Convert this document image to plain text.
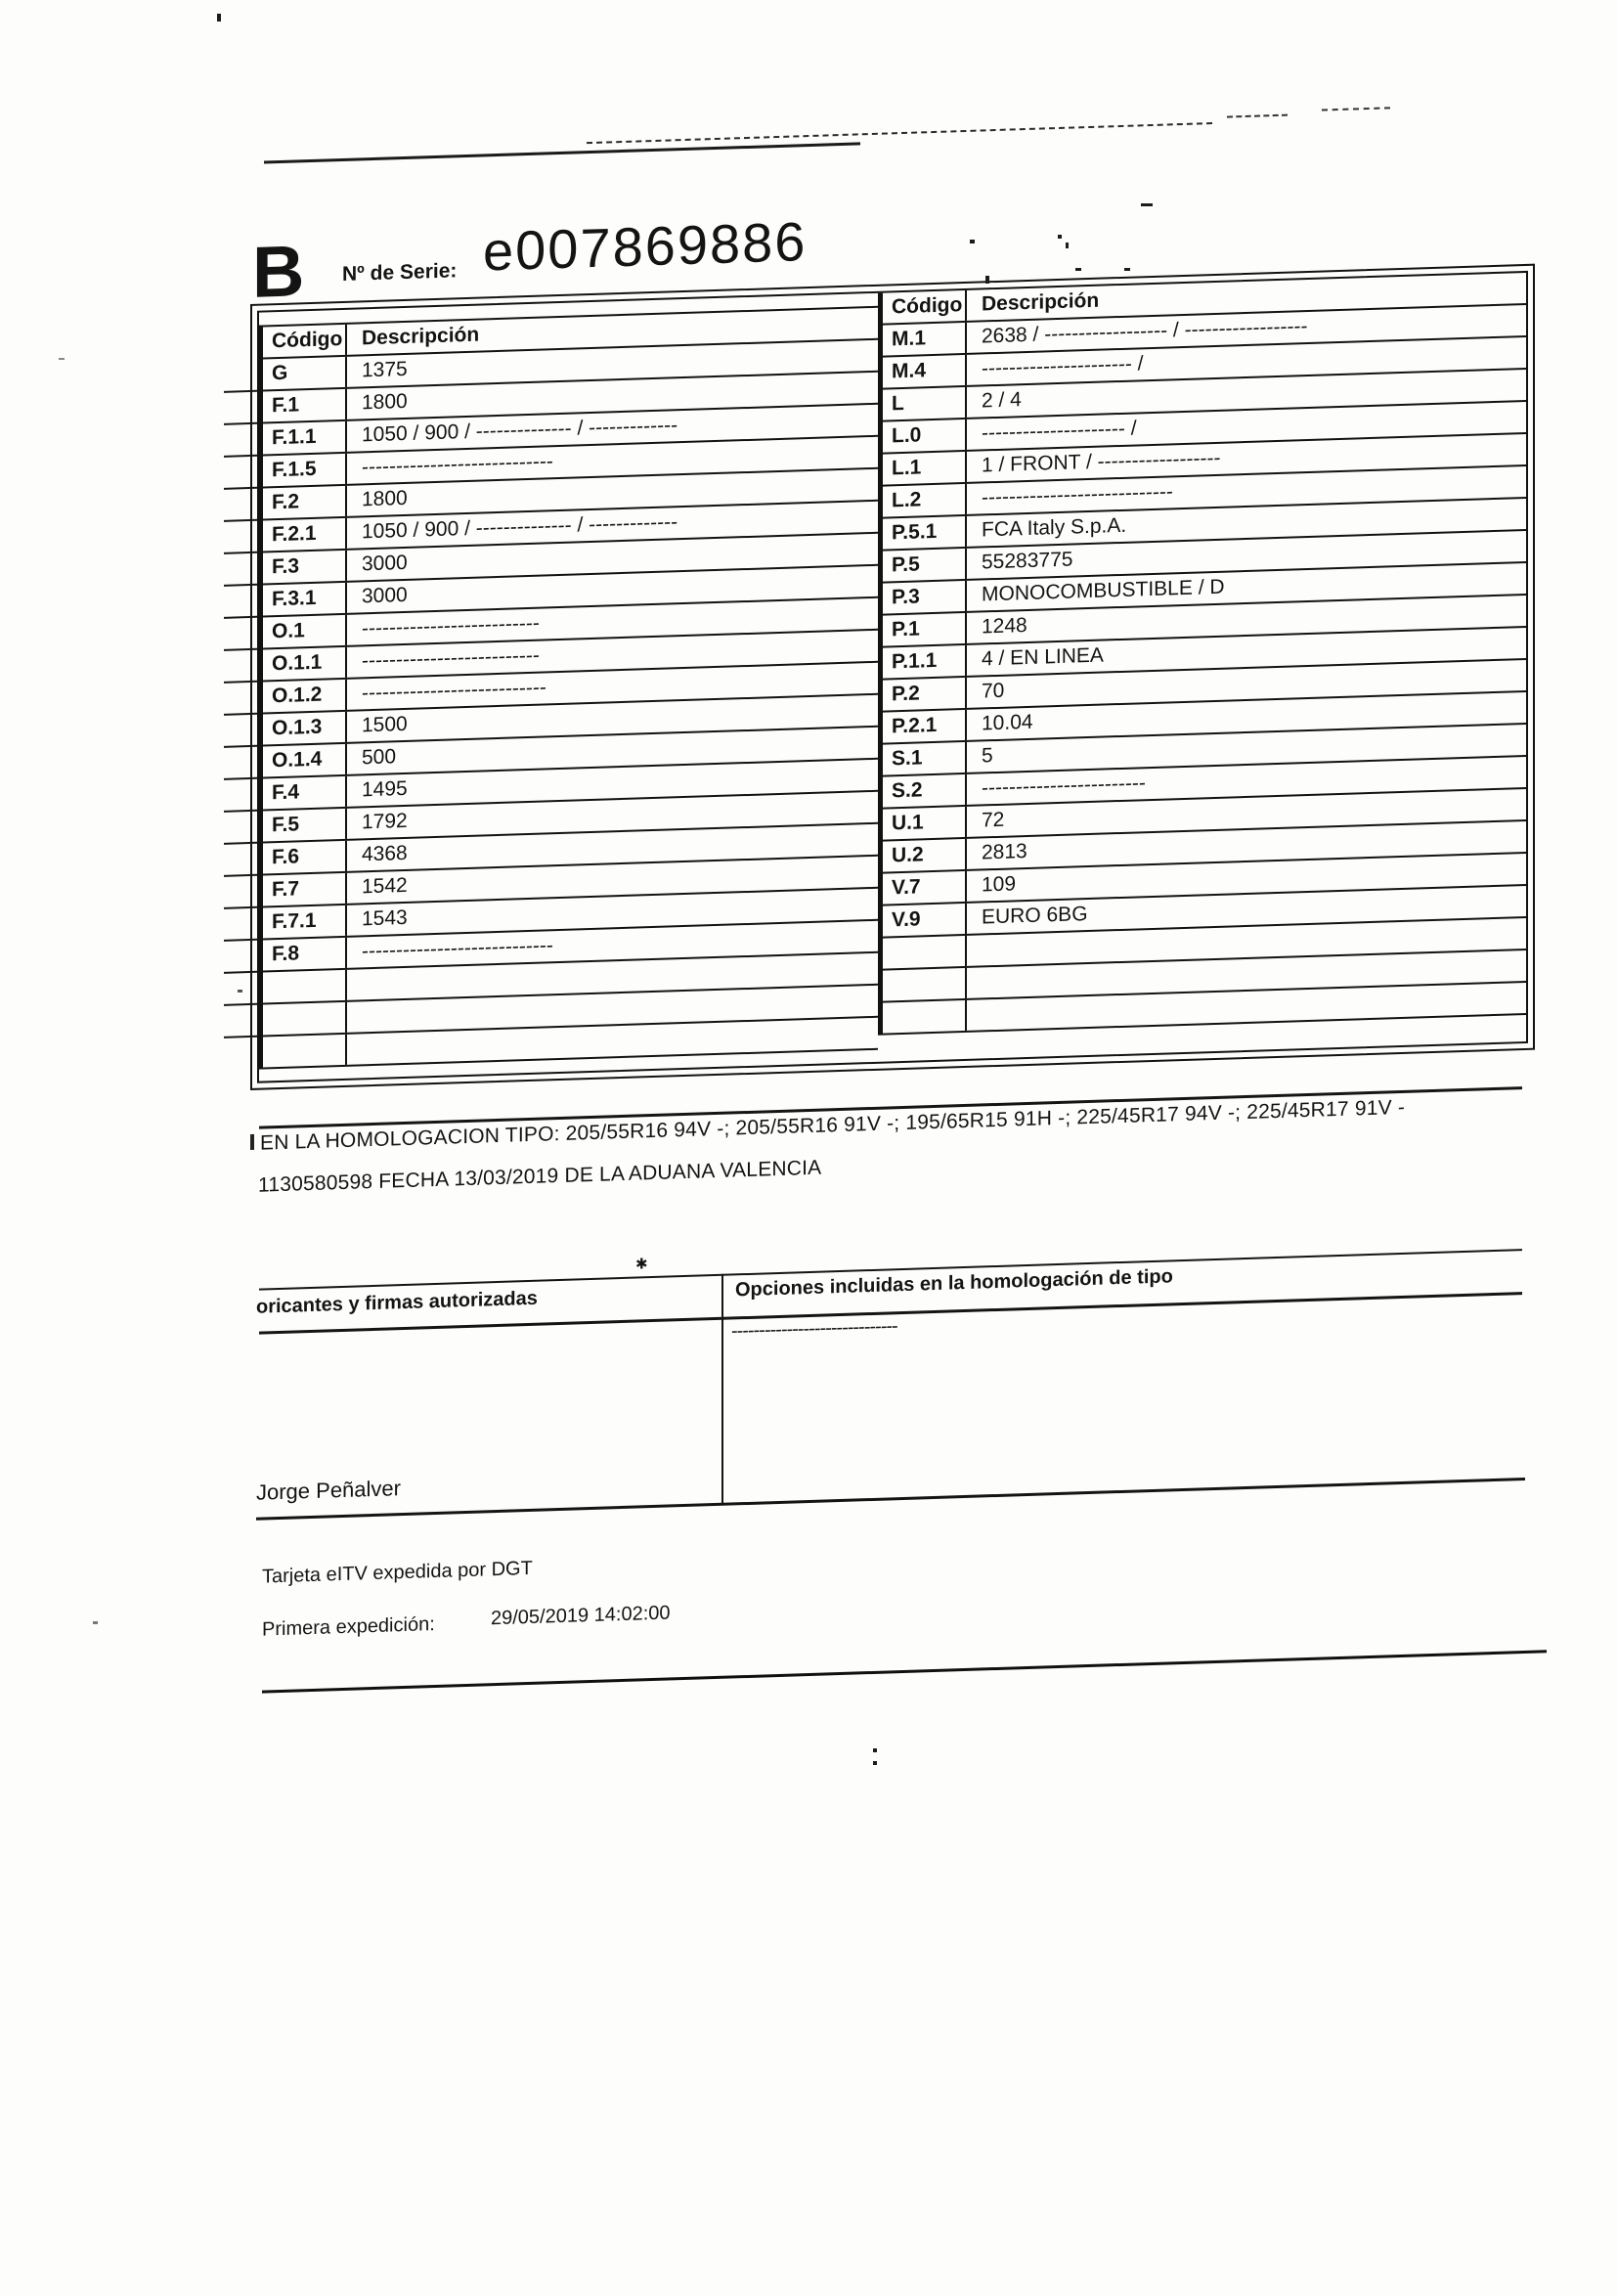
B Nº de Serie: e007869886
Código Descripción
G	1375
F.1	1800
F.1.1	1050 / 900 / -------------- / -------------
F.1.5	----------------------------
F.2	1800
F.2.1	1050 / 900 / -------------- / -------------
F.3	3000
F.3.1	3000
O.1	--------------------------
O.1.1	--------------------------
O.1.2	---------------------------
O.1.3	1500
O.1.4	500
F.4	1495
F.5	1792
F.6	4368
F.7	1542
F.7.1	1543
F.8	----------------------------
Código Descripción
M.1	2638 / ------------------ / ------------------
M.4	---------------------- /
L	2 / 4
L.0	--------------------- /
L.1	1 / FRONT / ------------------
L.2	----------------------------
P.5.1	FCA Italy S.p.A.
P.5	55283775
P.3	MONOCOMBUSTIBLE / D
P.1	1248
P.1.1	4 / EN LINEA
P.2	70
P.2.1	10.04
S.1	5
S.2	------------------------
U.1	72
U.2	2813
V.7	109
V.9	EURO 6BG
EN LA HOMOLOGACION TIPO: 205/55R16 94V -; 205/55R16 91V -; 195/65R15 91H -; 225/45R17 94V -; 225/45R17 91V -
1130580598 FECHA 13/03/2019 DE LA ADUANA VALENCIA
✱
oricantes y firmas autorizadas
Opciones incluidas en la homologación de tipo
------------------------------
Jorge Peñalver
Tarjeta eITV expedida por DGT
Primera expedición:	29/05/2019 14:02:00
